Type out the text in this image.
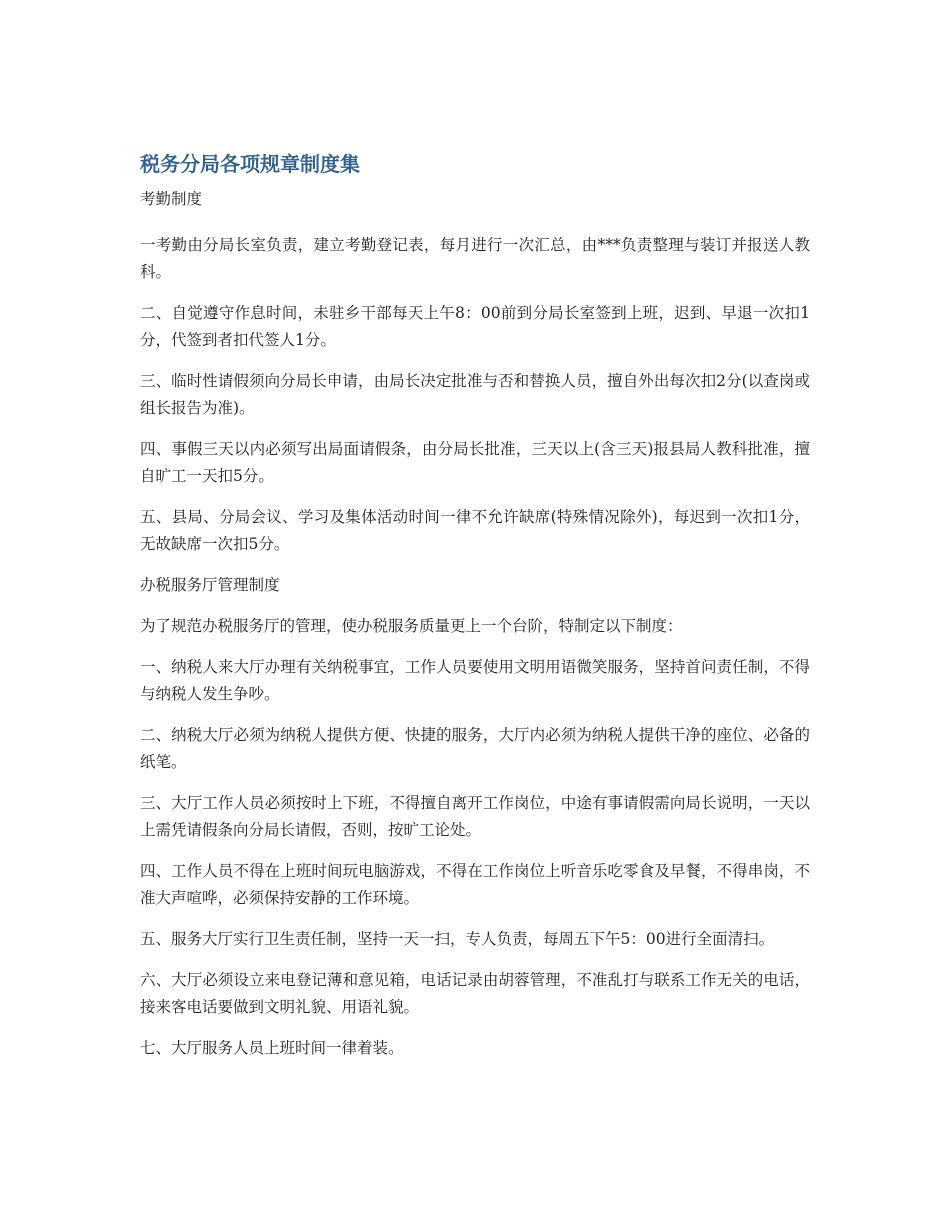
税务分局各项规章制度集

考勤制度

一考勤由分局长室负责，建立考勤登记表，每月进行一次汇总，由***负责整理与装订并报送人教科。

二、自觉遵守作息时间，未驻乡干部每天上午8：00前到分局长室签到上班，迟到、早退一次扣1分，代签到者扣代签人1分。

三、临时性请假须向分局长申请，由局长决定批准与否和替换人员，擅自外出每次扣2分(以查岗或组长报告为准)。

四、事假三天以内必须写出局面请假条，由分局长批准，三天以上(含三天)报县局人教科批准，擅自旷工一天扣5分。

五、县局、分局会议、学习及集体活动时间一律不允许缺席(特殊情况除外)，每迟到一次扣1分，无故缺席一次扣5分。

办税服务厅管理制度

为了规范办税服务厅的管理，使办税服务质量更上一个台阶，特制定以下制度：

一、纳税人来大厅办理有关纳税事宜，工作人员要使用文明用语微笑服务，坚持首问责任制，不得与纳税人发生争吵。

二、纳税大厅必须为纳税人提供方便、快捷的服务，大厅内必须为纳税人提供干净的座位、必备的纸笔。

三、大厅工作人员必须按时上下班，不得擅自离开工作岗位，中途有事请假需向局长说明，一天以上需凭请假条向分局长请假，否则，按旷工论处。

四、工作人员不得在上班时间玩电脑游戏，不得在工作岗位上听音乐吃零食及早餐，不得串岗，不准大声喧哗，必须保持安静的工作环境。

五、服务大厅实行卫生责任制，坚持一天一扫，专人负责，每周五下午5：00进行全面清扫。

六、大厅必须设立来电登记薄和意见箱，电话记录由胡蓉管理，不准乱打与联系工作无关的电话，接来客电话要做到文明礼貌、用语礼貌。

七、大厅服务人员上班时间一律着装。
